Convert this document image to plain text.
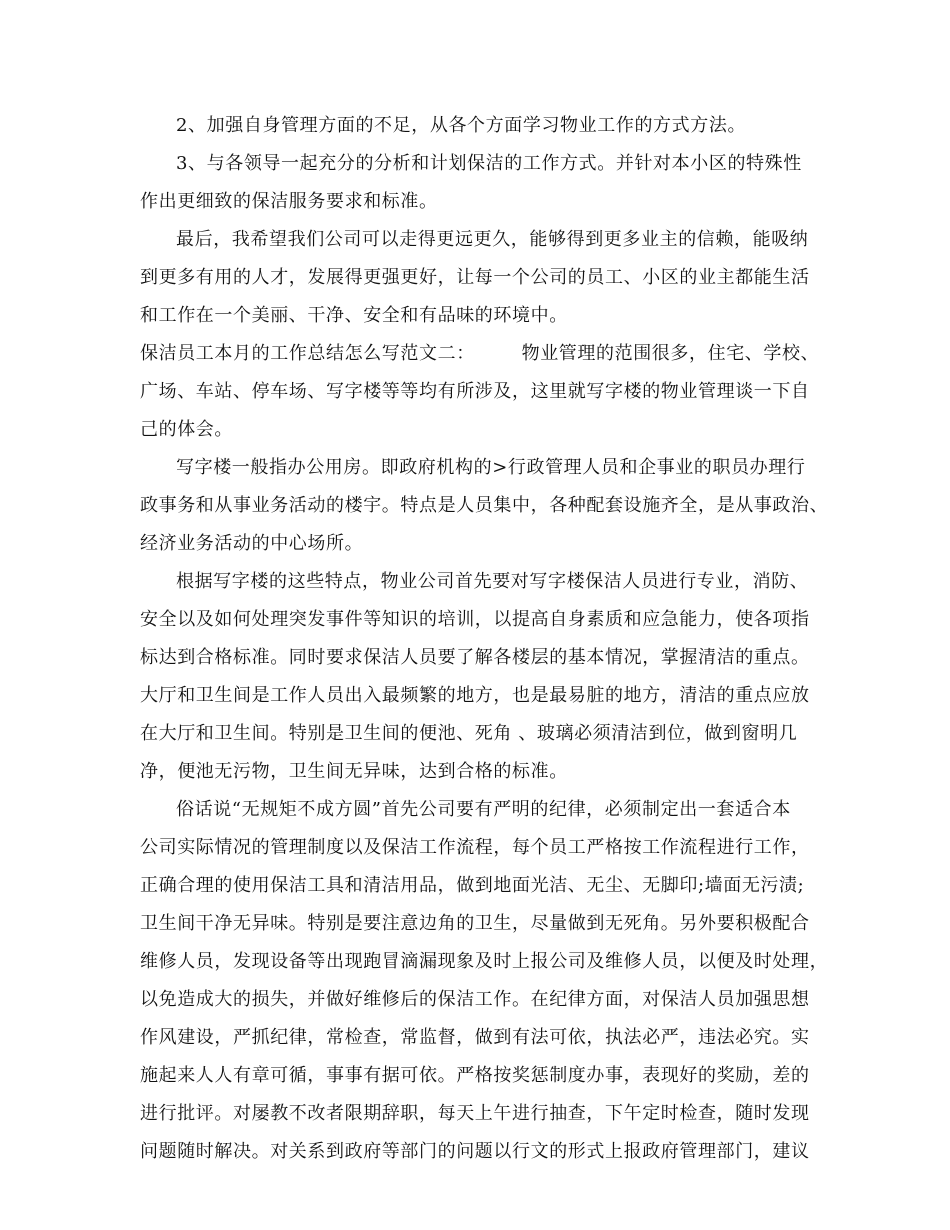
2、加强自身管理方面的不足，从各个方面学习物业工作的方式方法。
3、与各领导一起充分的分析和计划保洁的工作方式。并针对本小区的特殊性
作出更细致的保洁服务要求和标准。
最后，我希望我们公司可以走得更远更久，能够得到更多业主的信赖，能吸纳
到更多有用的人才，发展得更强更好，让每一个公司的员工、小区的业主都能生活
和工作在一个美丽、干净、安全和有品味的环境中。
保洁员工本月的工作总结怎么写范文二：　　　物业管理的范围很多，住宅、学校、
广场、车站、停车场、写字楼等等均有所涉及，这里就写字楼的物业管理谈一下自
己的体会。
写字楼一般指办公用房。即政府机构的>行政管理人员和企事业的职员办理行
政事务和从事业务活动的楼宇。特点是人员集中，各种配套设施齐全，是从事政治、
经济业务活动的中心场所。
根据写字楼的这些特点，物业公司首先要对写字楼保洁人员进行专业，消防、
安全以及如何处理突发事件等知识的培训，以提高自身素质和应急能力，使各项指
标达到合格标准。同时要求保洁人员要了解各楼层的基本情况，掌握清洁的重点。
大厅和卫生间是工作人员出入最频繁的地方，也是最易脏的地方，清洁的重点应放
在大厅和卫生间。特别是卫生间的便池、死角 、玻璃必须清洁到位，做到窗明几
净，便池无污物，卫生间无异味，达到合格的标准。
俗话说“无规矩不成方圆”首先公司要有严明的纪律，必须制定出一套适合本
公司实际情况的管理制度以及保洁工作流程，每个员工严格按工作流程进行工作，
正确合理的使用保洁工具和清洁用品，做到地面光洁、无尘、无脚印;墙面无污渍;
卫生间干净无异味。特别是要注意边角的卫生，尽量做到无死角。另外要积极配合
维修人员，发现设备等出现跑冒滴漏现象及时上报公司及维修人员，以便及时处理，
以免造成大的损失，并做好维修后的保洁工作。在纪律方面，对保洁人员加强思想
作风建设，严抓纪律，常检查，常监督，做到有法可依，执法必严，违法必究。实
施起来人人有章可循，事事有据可依。严格按奖惩制度办事，表现好的奖励，差的
进行批评。对屡教不改者限期辞职，每天上午进行抽查，下午定时检查，随时发现
问题随时解决。对关系到政府等部门的问题以行文的形式上报政府管理部门，建议
